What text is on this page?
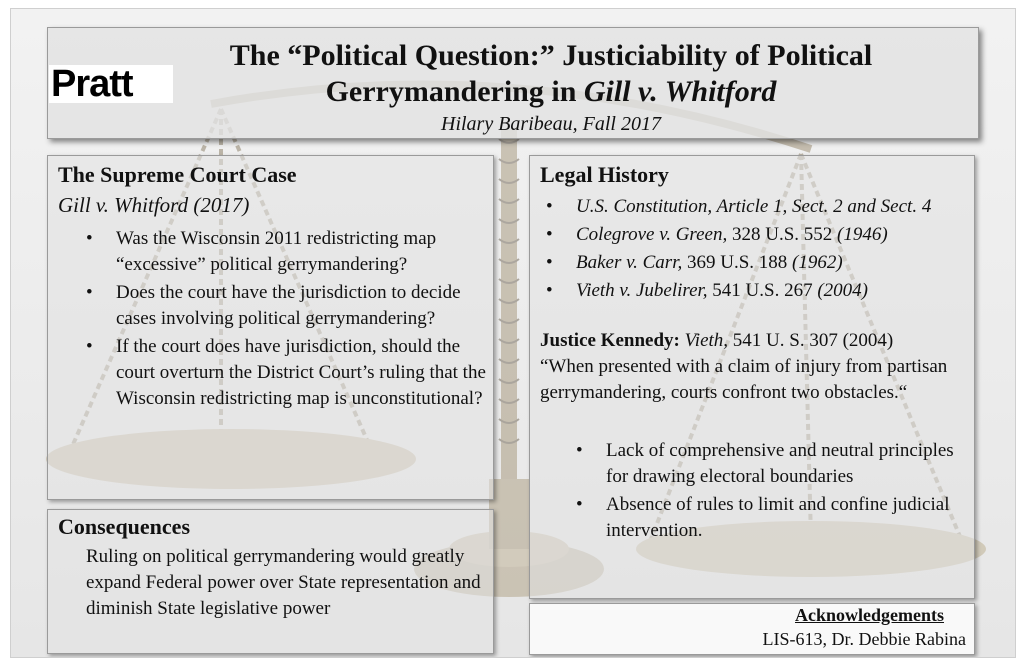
Pratt
The “Political Question:” Justiciability of Political
Gerrymandering in Gill v. Whitford
Hilary Baribeau, Fall 2017
The Supreme Court Case
Gill v. Whitford (2017)
• Was the Wisconsin 2011 redistricting map “excessive” political gerrymandering?
• Does the court have the jurisdiction to decide cases involving political gerrymandering?
• If the court does have jurisdiction, should the court overturn the District Court’s ruling that the Wisconsin redistricting map is unconstitutional?
Consequences
Ruling on political gerrymandering would greatly expand Federal power over State representation and diminish State legislative power
Legal History
• U.S. Constitution, Article 1, Sect. 2 and Sect. 4
• Colegrove v. Green, 328 U.S. 552 (1946)
• Baker v. Carr, 369 U.S. 188 (1962)
• Vieth v. Jubelirer, 541 U.S. 267 (2004)
Justice Kennedy: Vieth, 541 U. S. 307 (2004)
“When presented with a claim of injury from partisan gerrymandering, courts confront two obstacles.“
• Lack of comprehensive and neutral principles for drawing electoral boundaries
• Absence of rules to limit and confine judicial intervention.
Acknowledgements
LIS-613, Dr. Debbie Rabina
